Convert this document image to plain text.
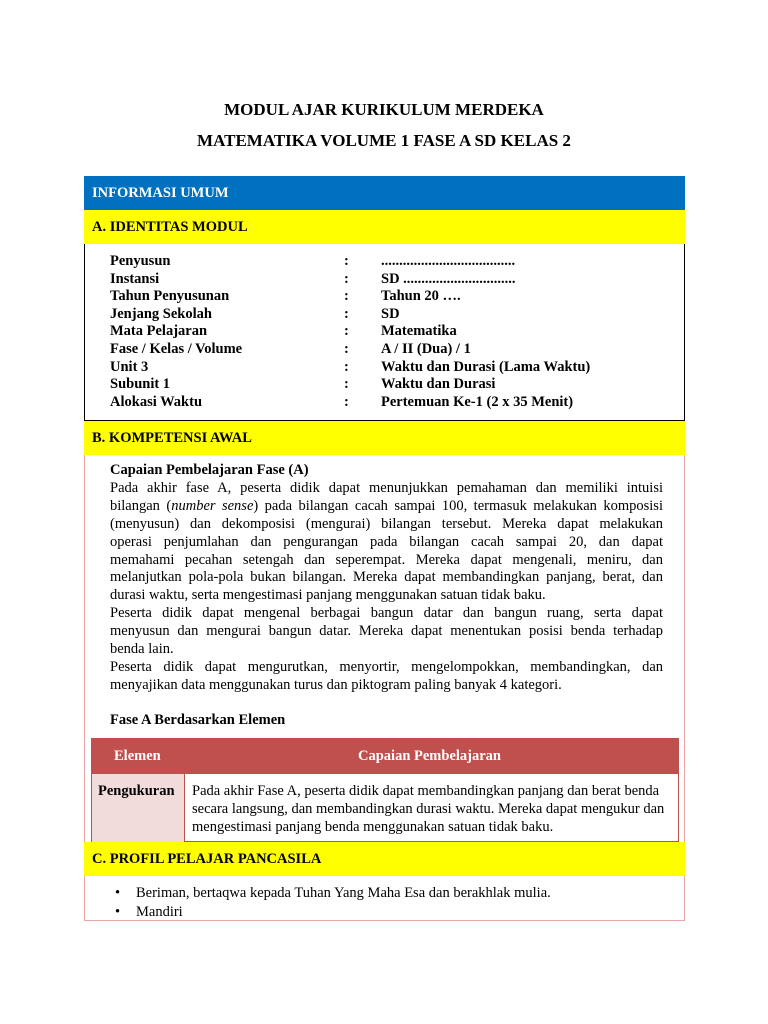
MODUL AJAR KURIKULUM MERDEKA
MATEMATIKA VOLUME 1 FASE A SD KELAS 2
INFORMASI UMUM
A. IDENTITAS MODUL
Penyusun	: .....................................
Instansi	: SD ...............................
Tahun Penyusunan	: Tahun 20 ….
Jenjang Sekolah	: SD
Mata Pelajaran	: Matematika
Fase / Kelas / Volume	: A / II (Dua) / 1
Unit 3	: Waktu dan Durasi (Lama Waktu)
Subunit 1	: Waktu dan Durasi
Alokasi Waktu	: Pertemuan Ke-1 (2 x 35 Menit)
B. KOMPETENSI AWAL
Capaian Pembelajaran Fase (A)
Pada akhir fase A, peserta didik dapat menunjukkan pemahaman dan memiliki intuisi
bilangan (number sense) pada bilangan cacah sampai 100, termasuk melakukan komposisi
(menyusun) dan dekomposisi (mengurai) bilangan tersebut. Mereka dapat melakukan
operasi penjumlahan dan pengurangan pada bilangan cacah sampai 20, dan dapat
memahami pecahan setengah dan seperempat. Mereka dapat mengenali, meniru, dan
melanjutkan pola-pola bukan bilangan. Mereka dapat membandingkan panjang, berat, dan
durasi waktu, serta mengestimasi panjang menggunakan satuan tidak baku.
Peserta didik dapat mengenal berbagai bangun datar dan bangun ruang, serta dapat
menyusun dan mengurai bangun datar. Mereka dapat menentukan posisi benda terhadap
benda lain.
Peserta didik dapat mengurutkan, menyortir, mengelompokkan, membandingkan, dan
menyajikan data menggunakan turus dan piktogram paling banyak 4 kategori.
Fase A Berdasarkan Elemen
Elemen	Capaian Pembelajaran
Pengukuran	Pada akhir Fase A, peserta didik dapat membandingkan panjang dan berat benda secara langsung, dan membandingkan durasi waktu. Mereka dapat mengukur dan mengestimasi panjang benda menggunakan satuan tidak baku.
C. PROFIL PELAJAR PANCASILA
• Beriman, bertaqwa kepada Tuhan Yang Maha Esa dan berakhlak mulia.
• Mandiri
